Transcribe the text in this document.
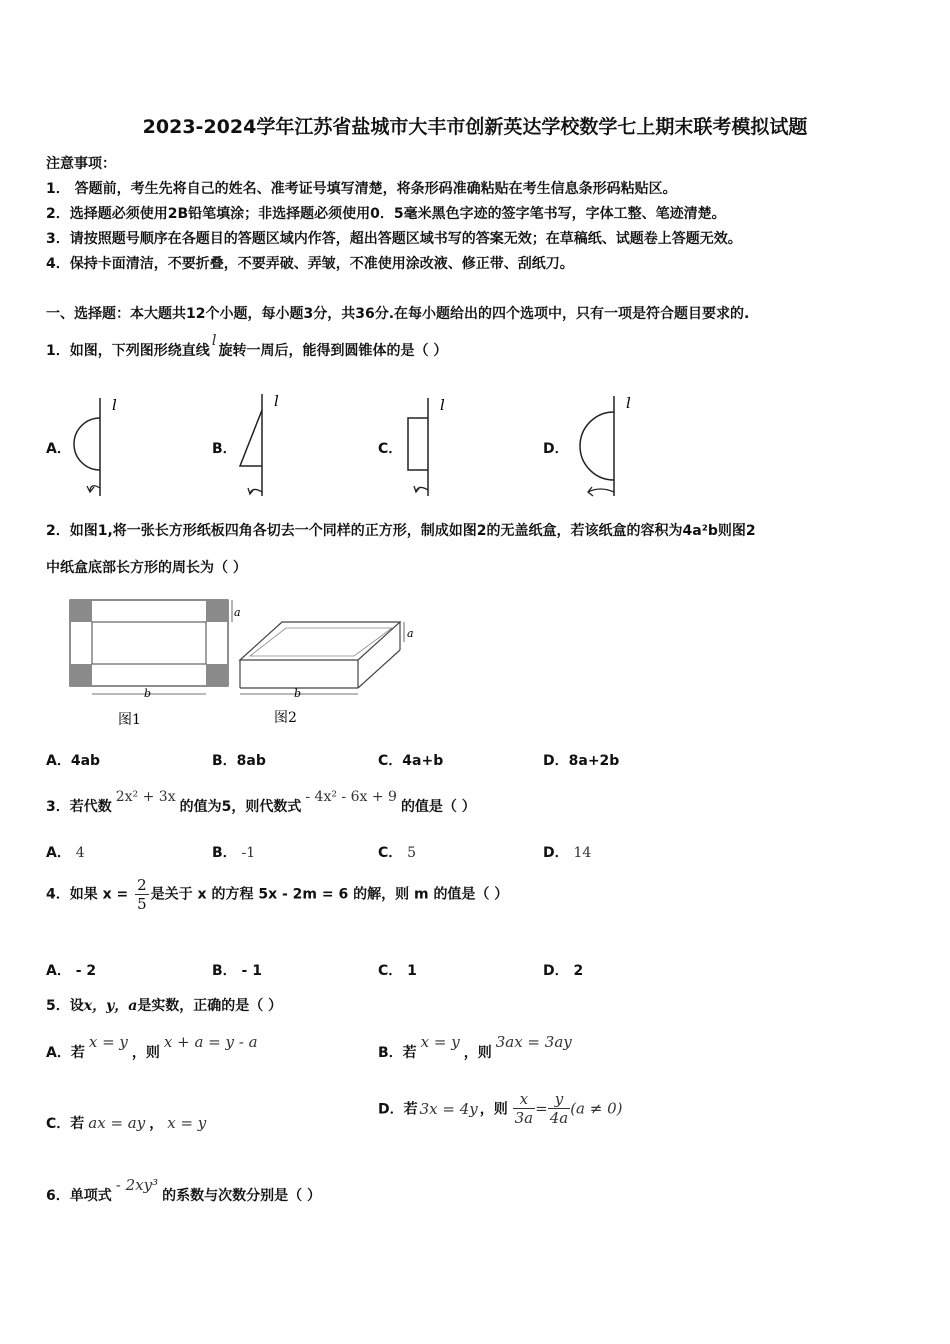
2023-2024学年江苏省盐城市大丰市创新英达学校数学七上期末联考模拟试题
注意事项：
1． 答题前，考生先将自己的姓名、准考证号填写清楚，将条形码准确粘贴在考生信息条形码粘贴区。
2．选择题必须使用2B铅笔填涂；非选择题必须使用0．5毫米黑色字迹的签字笔书写，字体工整、笔迹清楚。
3．请按照题号顺序在各题目的答题区域内作答，超出答题区域书写的答案无效；在草稿纸、试题卷上答题无效。
4．保持卡面清洁，不要折叠，不要弄破、弄皱，不准使用涂改液、修正带、刮纸刀。
一、选择题：本大题共12个小题，每小题3分，共36分.在每小题给出的四个选项中，只有一项是符合题目要求的.
1．如图，下列图形绕直线l旋转一周后，能得到圆锥体的是（ ）
A．	B．	C．	D．
l	l	l	l
2．如图1,将一张长方形纸板四角各切去一个同样的正方形，制成如图2的无盖纸盒，若该纸盒的容积为4a²b则图2
中纸盒底部长方形的周长为（ ）
a
b
图1
a
b
图2
A．4ab	B．8ab	C．4a+b	D．8a+2b
3．若代数2x² + 3x的值为5，则代数式- 4x² - 6x + 9的值是（ ）
A． 4	B． -1	C． 5	D． 14
4．如果 $x = \frac{2}{5}$ 是关于 x 的方程 5x - 2m = 6 的解，则 m 的值是（ ）
A． - 2	B． - 1	C． 1	D． 2
5．设x，y，a是实数，正确的是（ ）
A．若x = y，则x + a = y - a
B．若x = y，则3ax = 3ay
C．若 ax = ay ， x = y
D．若 3x = 4y ，则 $\frac{x}{3a} = \frac{y}{4a} (a \ne 0)$
6．单项式- 2xy³的系数与次数分别是（ ）
